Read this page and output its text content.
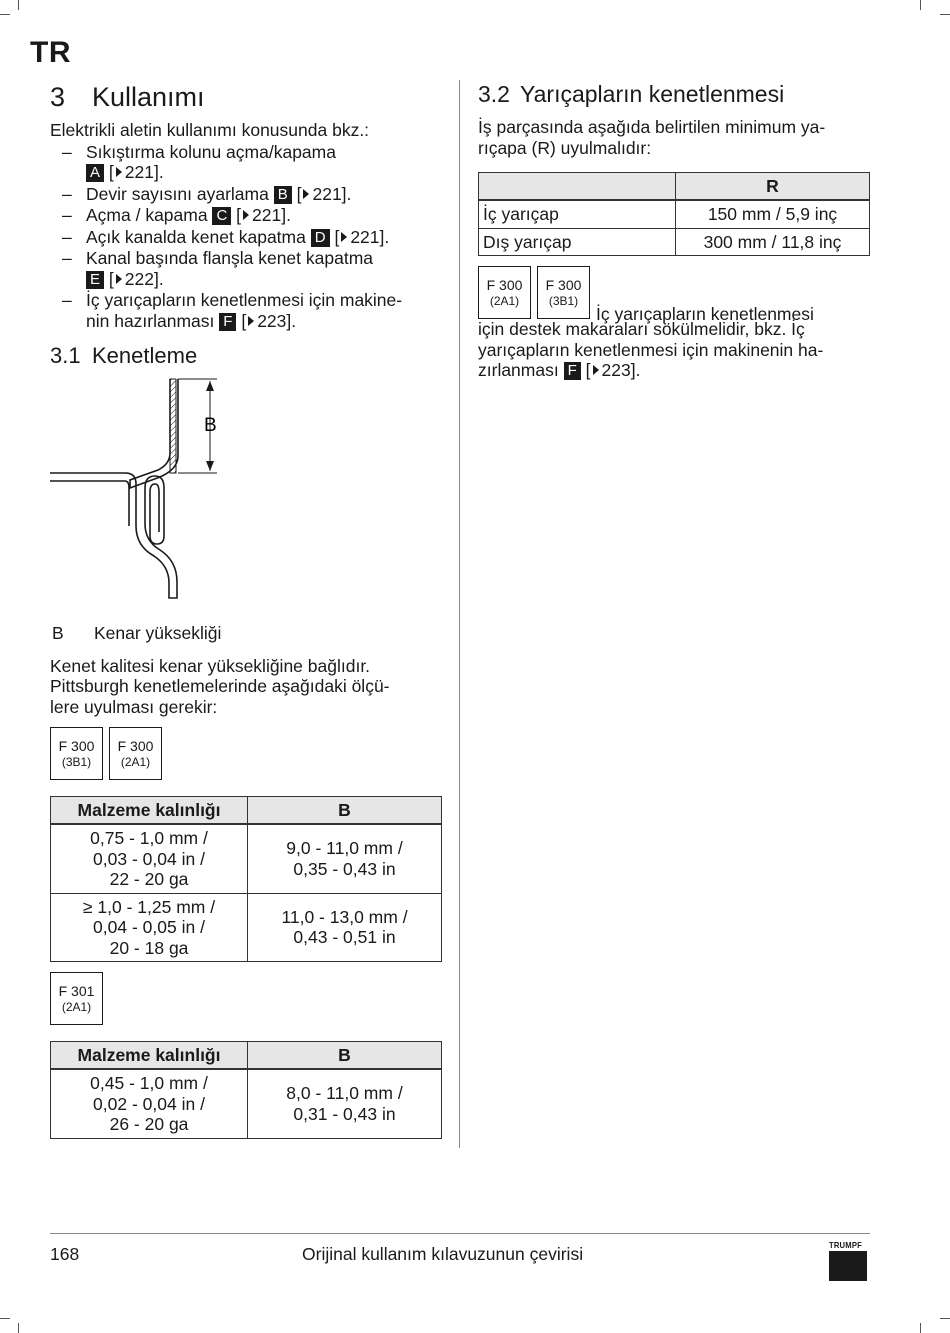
TR
3 Kullanımı

Elektrikli aletin kullanımı konusunda bkz.:

– Sıkıştırma kolunu açma/kapama
A [ 221].
– Devir sayısını ayarlama B [ 221].
– Açma / kapama C [ 221].
– Açık kanalda kenet kapatma D [ 221].
– Kanal başında flanşla kenet kapatma
E [ 222].
– İç yarıçapların kenetlenmesi için makine-
nin hazırlanması F [ 223].
3.1 Kenetleme
B
B	Kenar yüksekliği

Kenet kalitesi kenar yüksekliğine bağlıdır.

Pittsburgh kenetlemelerinde aşağıdaki ölçü-

lere uyulması gerekir:

F 300
(3B1)
F 300
(2A1)
Malzeme kalınlığı	B
0,75 - 1,0 mm /
0,03 - 0,04 in /
22 - 20 ga	9,0 - 11,0 mm /
0,35 - 0,43 in
≥ 1,0 - 1,25 mm /
0,04 - 0,05 in /
20 - 18 ga	11,0 - 13,0 mm /
0,43 - 0,51 in
F 301
(2A1)
Malzeme kalınlığı	B
0,45 - 1,0 mm /
0,02 - 0,04 in /
26 - 20 ga	8,0 - 11,0 mm /
0,31 - 0,43 in
3.2 Yarıçapların kenetlenmesi

İş parçasında aşağıda belirtilen minimum ya-

rıçapa (R) uyulmalıdır:

	R
İç yarıçap	150 mm / 5,9 inç
Dış yarıçap	300 mm / 11,8 inç
F 300
(2A1)
F 300
(3B1)

İç yarıçapların kenetlenmesi

için destek makaraları sökülmelidir, bkz. İç

yarıçapların kenetlenmesi için makinenin ha-

zırlanması F [ 223].

168	Orijinal kullanım kılavuzunun çevirisi	TRUMPF
